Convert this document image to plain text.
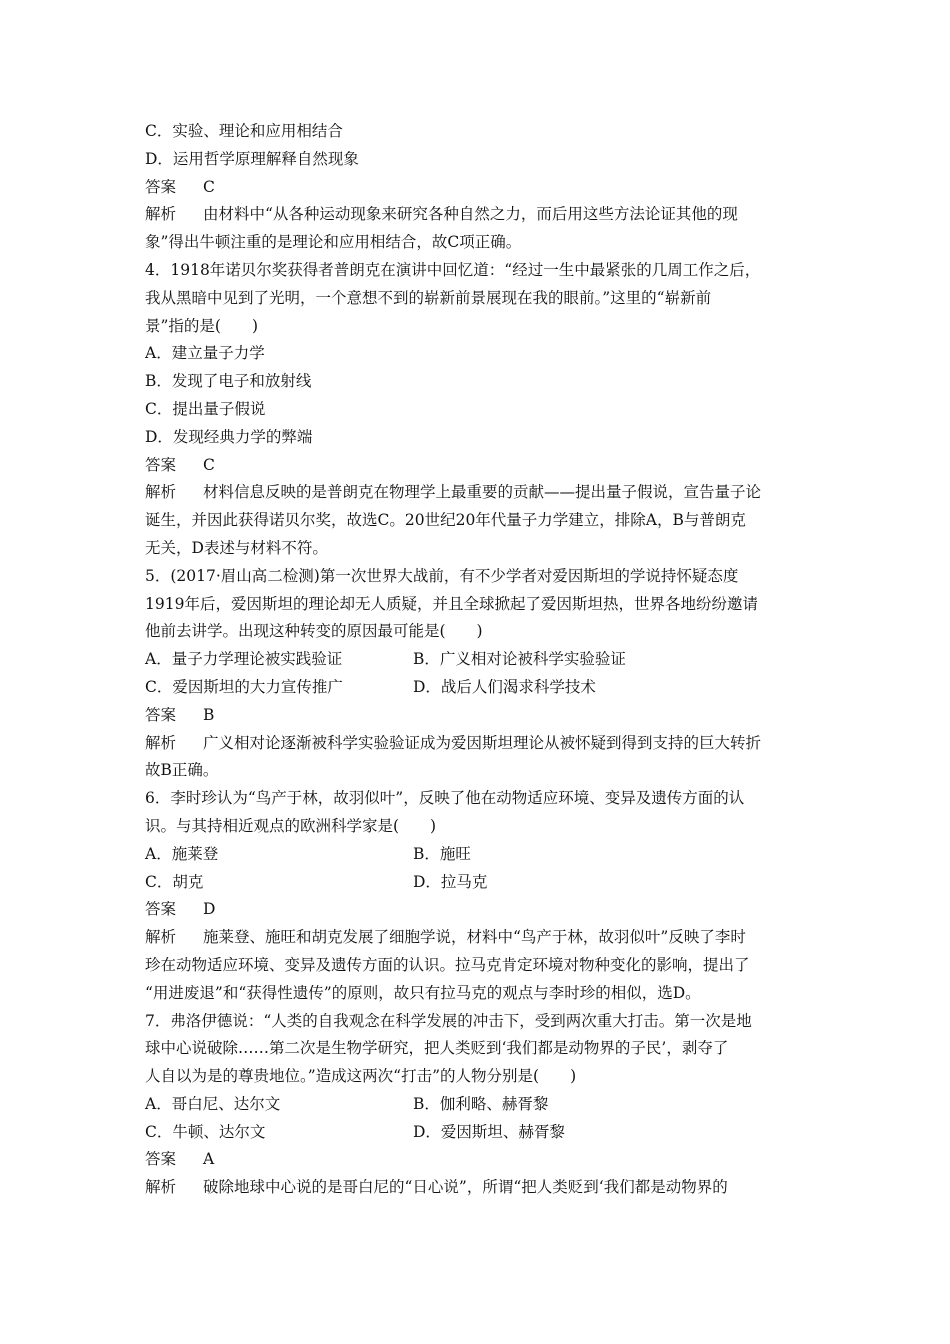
C．实验、理论和应用相结合
D．运用哲学原理解释自然现象
答案 C
解析 由材料中“从各种运动现象来研究各种自然之力，而后用这些方法论证其他的现
象”得出牛顿注重的是理论和应用相结合，故C项正确。
4．1918年诺贝尔奖获得者普朗克在演讲中回忆道：“经过一生中最紧张的几周工作之后，
我从黑暗中见到了光明，一个意想不到的崭新前景展现在我的眼前。”这里的“崭新前
景”指的是(　　)
A．建立量子力学
B．发现了电子和放射线
C．提出量子假说
D．发现经典力学的弊端
答案 C
解析 材料信息反映的是普朗克在物理学上最重要的贡献——提出量子假说，宣告量子论
诞生，并因此获得诺贝尔奖，故选C。20世纪20年代量子力学建立，排除A，B与普朗克
无关，D表述与材料不符。
5．(2017·眉山高二检测)第一次世界大战前，有不少学者对爱因斯坦的学说持怀疑态度
1919年后，爱因斯坦的理论却无人质疑，并且全球掀起了爱因斯坦热，世界各地纷纷邀请
他前去讲学。出现这种转变的原因最可能是(　　)
A．量子力学理论被实践验证	B．广义相对论被科学实验验证
C．爱因斯坦的大力宣传推广	D．战后人们渴求科学技术
答案 B
解析 广义相对论逐渐被科学实验验证成为爱因斯坦理论从被怀疑到得到支持的巨大转折
故B正确。
6．李时珍认为“鸟产于林，故羽似叶”，反映了他在动物适应环境、变异及遗传方面的认
识。与其持相近观点的欧洲科学家是(　　)
A．施莱登	B．施旺
C．胡克	D．拉马克
答案 D
解析 施莱登、施旺和胡克发展了细胞学说，材料中“鸟产于林，故羽似叶”反映了李时
珍在动物适应环境、变异及遗传方面的认识。拉马克肯定环境对物种变化的影响，提出了
“用进废退”和“获得性遗传”的原则，故只有拉马克的观点与李时珍的相似，选D。
7．弗洛伊德说：“人类的自我观念在科学发展的冲击下，受到两次重大打击。第一次是地
球中心说破除……第二次是生物学研究，把人类贬到‘我们都是动物界的子民’，剥夺了
人自以为是的尊贵地位。”造成这两次“打击”的人物分别是(　　)
A．哥白尼、达尔文	B．伽利略、赫胥黎
C．牛顿、达尔文	D．爱因斯坦、赫胥黎
答案 A
解析 破除地球中心说的是哥白尼的“日心说”，所谓“把人类贬到‘我们都是动物界的
